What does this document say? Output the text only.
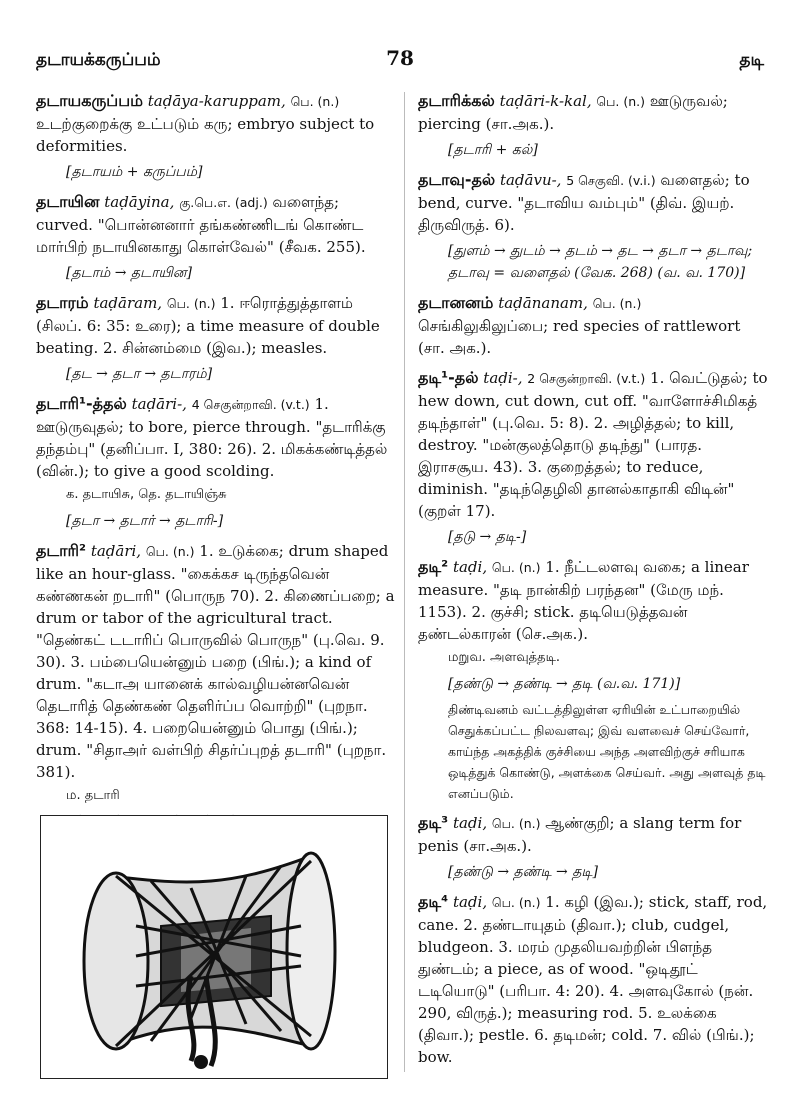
தடாயக்கருப்பம்	78	தடி
தடாயகருப்பம் taḍāya-karuppam, பெ. (n.) உடற்குறைக்கு உட்படும் கரு; embryo subject to deformities.
[தடாயம் + கருப்பம்]
தடாயின taḍāyina, கு.பெ.எ. (adj.) வளைந்த; curved. "பொன்னனார் தங்கண்ணிடங் கொண்ட மார்பிற் நடாயினகாது கொள்வேல்" (சீவக. 255).
[தடாம் → தடாயின]
தடாரம் taḍāram, பெ. (n.) 1. ஈரொத்துத்தாளம் (சிலப். 6: 35: உரை); a time measure of double beating. 2. சின்னம்மை (இவ.); measles.
[தட → தடா → தடாரம்]
தடாரி¹-த்தல் taḍāri-, 4 செகுன்றாவி. (v.t.) 1. ஊடுருவுதல்; to bore, pierce through. "தடாரிக்கு தந்தம்பு" (தனிப்பா. I, 380: 26). 2. மிகக்கண்டித்தல் (வின்.); to give a good scolding.
க. தடாயிசு, தெ. தடாயிஞ்சு
[தடா → தடார் → தடாரி-]
தடாரி² taḍāri, பெ. (n.) 1. உடுக்கை; drum shaped like an hour-glass. "கைக்கச டிருந்தவென் கண்ணகன் றடாரி" (பொருந 70). 2. கிணைப்பறை; a drum or tabor of the agricultural tract. "தெண்கட் டடாரிப் பொருவில் பொருந" (பு.வெ. 9. 30). 3. பம்பையென்னும் பறை (பிங்.); a kind of drum. "கடாஅ யானைக் கால்வழியன்னவென் தெடாரித் தெண்கண் தெளிர்ப்ப வொற்றி" (புறநா. 368: 14-15). 4. பறையென்னும் பொது (பிங்.); drum. "சிதாஅர் வள்பிற் சிதர்ப்புறத் தடாரி" (புறநா. 381).
ம. தடாரி
தடாரிக்கல் taḍāri-k-kal, பெ. (n.) ஊடுருவல்; piercing (சா.அக.).
[தடாரி + கல்]
தடாவு-தல் taḍāvu-, 5 செகுவி. (v.i.) வளைதல்; to bend, curve. "தடாவிய வம்பும்" (திவ். இயற். திருவிருத். 6).
[துளம் → துடம் → தடம் → தட → தடா → தடாவு; தடாவு = வளைதல் (வேக. 268) (வ. வ. 170)]
தடானனம் taḍānanam, பெ. (n.) செங்கிலுகிலுப்பை; red species of rattlewort (சா. அக.).
தடி¹-தல் taḍi-, 2 செகுன்றாவி. (v.t.) 1. வெட்டுதல்; to hew down, cut down, cut off. "வாளோச்சிமிகத் தடிந்தாள்" (பு.வெ. 5: 8). 2. அழித்தல்; to kill, destroy. "மன்குலத்தொடு தடிந்து" (பாரத. இராசசூய. 43). 3. குறைத்தல்; to reduce, diminish. "தடிந்தெழிலி தானல்காதாகி விடின்" (குறள் 17).
[தடு → தடி-]
தடி² taḍi, பெ. (n.) 1. நீட்டலளவு வகை; a linear measure. "தடி நான்கிற் பரந்தன" (மேரு மந். 1153). 2. குச்சி; stick. தடியெடுத்தவன் தண்டல்காரன் (செ.அக.).
மறுவ. அளவுத்தடி.
[தண்டு → தண்டி → தடி (வ.வ. 171)]
திண்டிவனம் வட்டத்திலுள்ள ஏரியின் உட்பாறையில் செதுக்கப்பட்ட நிலவளவு; இவ் வளவைச் செய்வோர், காய்ந்த அகத்திக் குச்சியை அந்த அளவிற்குச் சரியாக ஒடித்துக் கொண்டு, அளக்கை செய்வர். அது அளவுத் தடி எனப்படும்.
தடி³ taḍi, பெ. (n.) ஆண்குறி; a slang term for penis (சா.அக.).
[தண்டு → தண்டி → தடி]
தடி⁴ taḍi, பெ. (n.) 1. கழி (இவ.); stick, staff, rod, cane. 2. தண்டாயுதம் (திவா.); club, cudgel, bludgeon. 3. மரம் முதலியவற்றின் பிளந்த துண்டம்; a piece, as of wood. "ஒடிதூட் டடியொடு" (பரிபா. 4: 20). 4. அளவுகோல் (நன். 290, விருத்.); measuring rod. 5. உலக்கை (திவா.); pestle. 6. தடிமன்; cold. 7. வில் (பிங்.); bow.
